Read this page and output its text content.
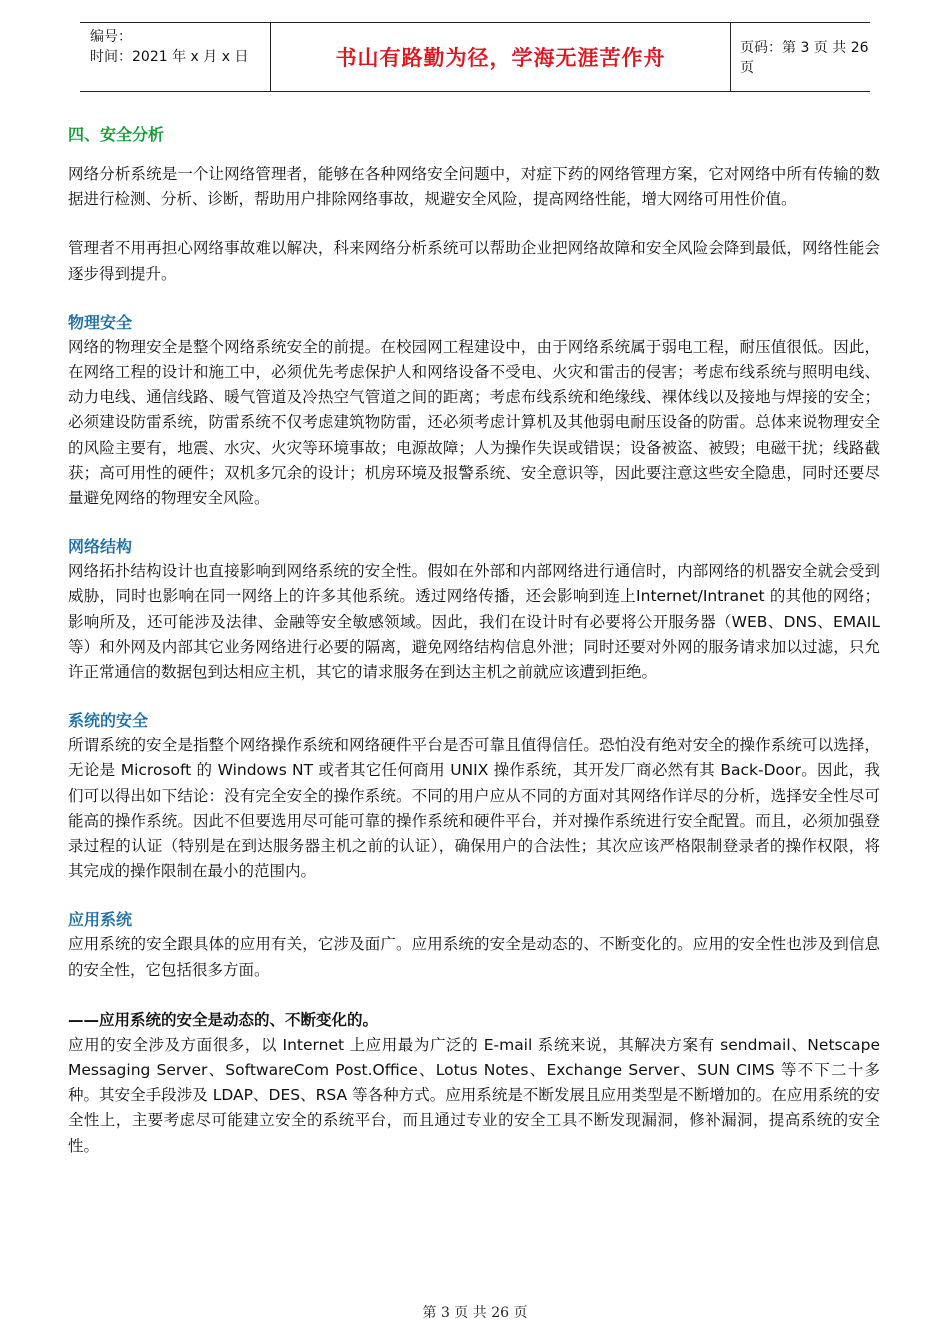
编号：
时间：2021 年 x 月 x 日	书山有路勤为径，学海无涯苦作舟	页码：第 3 页 共 26 页

四、安全分析

网络分析系统是一个让网络管理者，能够在各种网络安全问题中，对症下药的网络管理方案，它对网络中所有传输的数据进行检测、分析、诊断，帮助用户排除网络事故，规避安全风险，提高网络性能，增大网络可用性价值。

管理者不用再担心网络事故难以解决，科来网络分析系统可以帮助企业把网络故障和安全风险会降到最低，网络性能会逐步得到提升。

物理安全

网络的物理安全是整个网络系统安全的前提。在校园网工程建设中，由于网络系统属于弱电工程，耐压值很低。因此，在网络工程的设计和施工中，必须优先考虑保护人和网络设备不受电、火灾和雷击的侵害；考虑布线系统与照明电线、动力电线、通信线路、暖气管道及冷热空气管道之间的距离；考虑布线系统和绝缘线、裸体线以及接地与焊接的安全；必须建设防雷系统，防雷系统不仅考虑建筑物防雷，还必须考虑计算机及其他弱电耐压设备的防雷。总体来说物理安全的风险主要有，地震、水灾、火灾等环境事故；电源故障；人为操作失误或错误；设备被盗、被毁；电磁干扰；线路截获；高可用性的硬件；双机多冗余的设计；机房环境及报警系统、安全意识等，因此要注意这些安全隐患，同时还要尽量避免网络的物理安全风险。

网络结构

网络拓扑结构设计也直接影响到网络系统的安全性。假如在外部和内部网络进行通信时，内部网络的机器安全就会受到威胁，同时也影响在同一网络上的许多其他系统。透过网络传播，还会影响到连上Internet/Intranet 的其他的网络；影响所及，还可能涉及法律、金融等安全敏感领域。因此，我们在设计时有必要将公开服务器（WEB、DNS、EMAIL 等）和外网及内部其它业务网络进行必要的隔离，避免网络结构信息外泄；同时还要对外网的服务请求加以过滤，只允许正常通信的数据包到达相应主机，其它的请求服务在到达主机之前就应该遭到拒绝。

系统的安全

所谓系统的安全是指整个网络操作系统和网络硬件平台是否可靠且值得信任。恐怕没有绝对安全的操作系统可以选择，无论是 Microsoft 的 Windows NT 或者其它任何商用 UNIX 操作系统，其开发厂商必然有其 Back-Door。因此，我们可以得出如下结论：没有完全安全的操作系统。不同的用户应从不同的方面对其网络作详尽的分析，选择安全性尽可能高的操作系统。因此不但要选用尽可能可靠的操作系统和硬件平台，并对操作系统进行安全配置。而且，必须加强登录过程的认证（特别是在到达服务器主机之前的认证），确保用户的合法性；其次应该严格限制登录者的操作权限，将其完成的操作限制在最小的范围内。

应用系统

应用系统的安全跟具体的应用有关，它涉及面广。应用系统的安全是动态的、不断变化的。应用的安全性也涉及到信息的安全性，它包括很多方面。

——应用系统的安全是动态的、不断变化的。

应用的安全涉及方面很多，以 Internet 上应用最为广泛的 E-mail 系统来说，其解决方案有 sendmail、Netscape Messaging Server、SoftwareCom Post.Office、Lotus Notes、Exchange Server、SUN CIMS 等不下二十多种。其安全手段涉及 LDAP、DES、RSA 等各种方式。应用系统是不断发展且应用类型是不断增加的。在应用系统的安全性上，主要考虑尽可能建立安全的系统平台，而且通过专业的安全工具不断发现漏洞，修补漏洞，提高系统的安全性。

第 3 页 共 26 页
